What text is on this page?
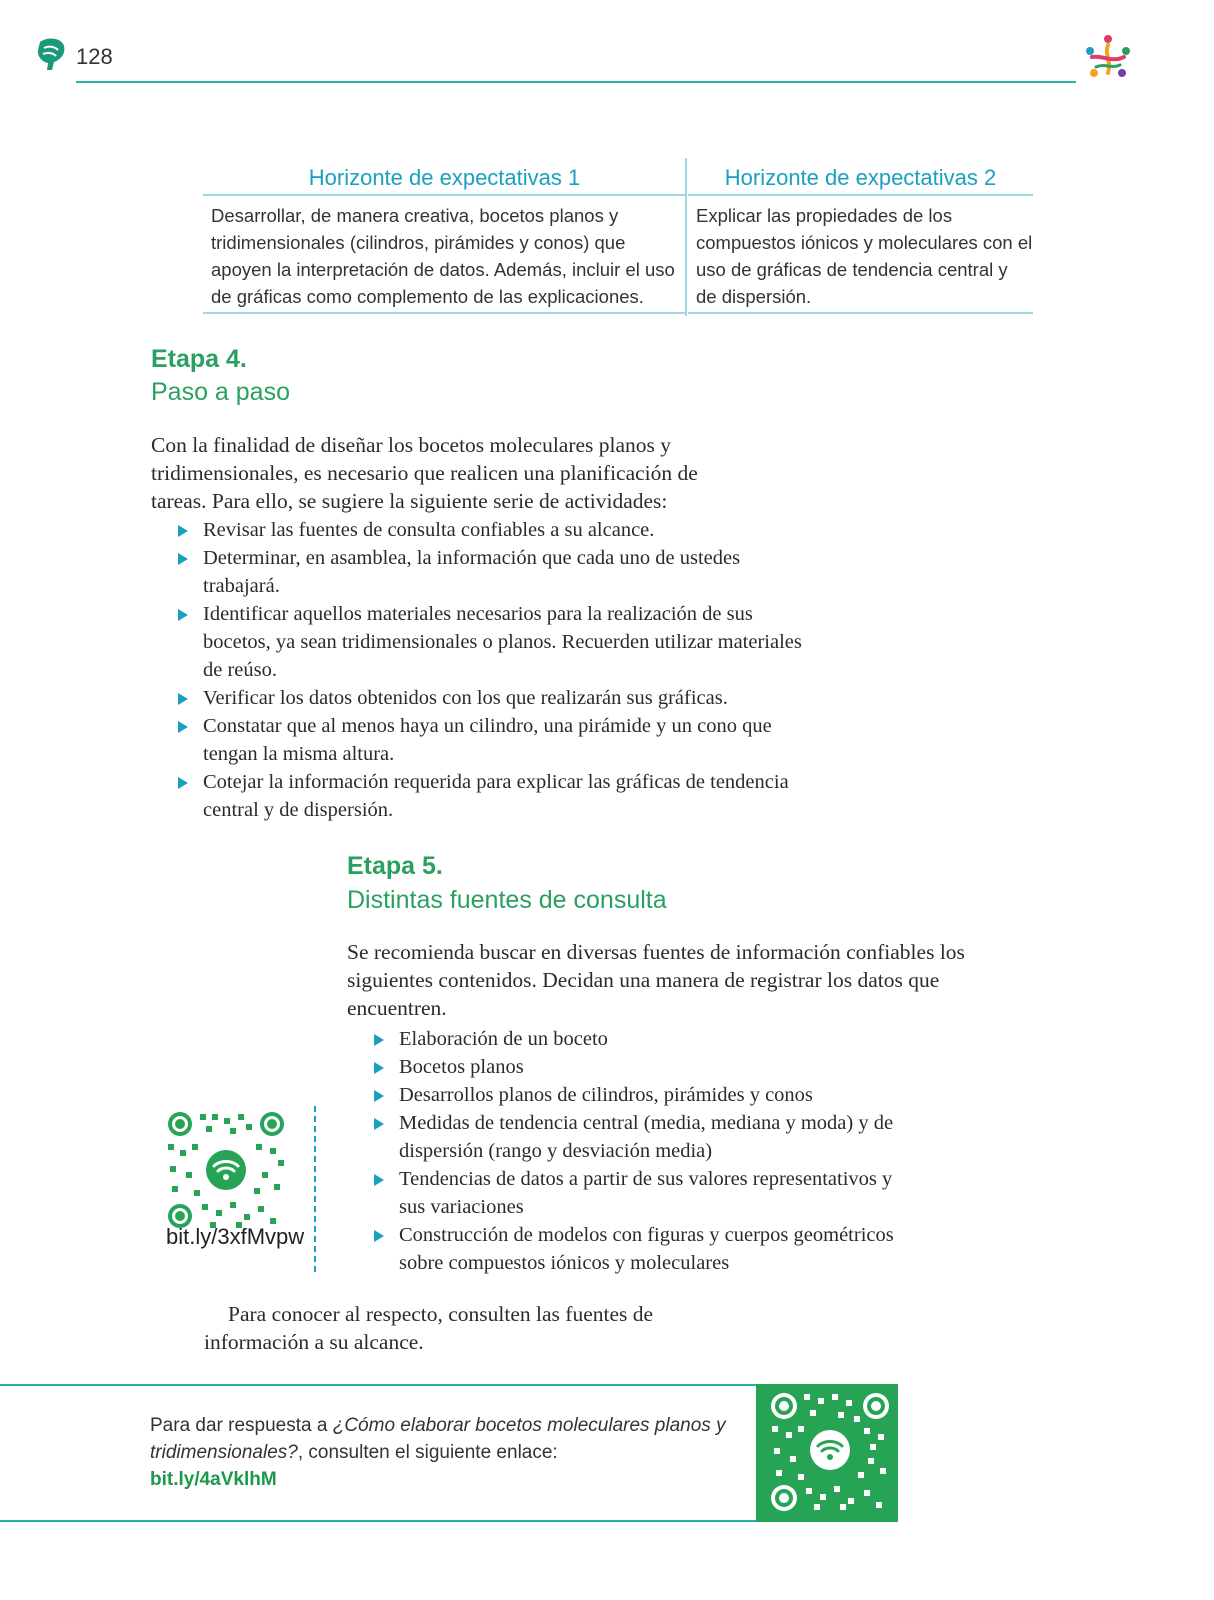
128
Horizonte de expectativas 1
Desarrollar, de manera creativa, bocetos planos y tridimensionales (cilindros, pirámides y conos) que apoyen la interpretación de datos. Además, incluir el uso de gráficas como complemento de las explicaciones.
Horizonte de expectativas 2
Explicar las propiedades de los compuestos iónicos y moleculares con el uso de gráficas de tendencia central y de dispersión.
Etapa 4.
Paso a paso
Con la finalidad de diseñar los bocetos moleculares planos y tridimensionales, es necesario que realicen una planificación de tareas. Para ello, se sugiere la siguiente serie de actividades:
Revisar las fuentes de consulta confiables a su alcance.
Determinar, en asamblea, la información que cada uno de ustedes trabajará.
Identificar aquellos materiales necesarios para la realización de sus bocetos, ya sean tridimensionales o planos. Recuerden utilizar materiales de reúso.
Verificar los datos obtenidos con los que realizarán sus gráficas.
Constatar que al menos haya un cilindro, una pirámide y un cono que tengan la misma altura.
Cotejar la información requerida para explicar las gráficas de tendencia central y de dispersión.
Etapa 5.
Distintas fuentes de consulta
Se recomienda buscar en diversas fuentes de información confiables los siguientes contenidos. Decidan una manera de registrar los datos que encuentren.
Elaboración de un boceto
Bocetos planos
Desarrollos planos de cilindros, pirámides y conos
Medidas de tendencia central (media, mediana y moda) y de dispersión (rango y desviación media)
Tendencias de datos a partir de sus valores representativos y sus variaciones
Construcción de modelos con figuras y cuerpos geométricos sobre compuestos iónicos y moleculares
bit.ly/3xfMvpw
Para conocer al respecto, consulten las fuentes de información a su alcance.
Para dar respuesta a ¿Cómo elaborar bocetos moleculares planos y tridimensionales?, consulten el siguiente enlace:
bit.ly/4aVklhM
